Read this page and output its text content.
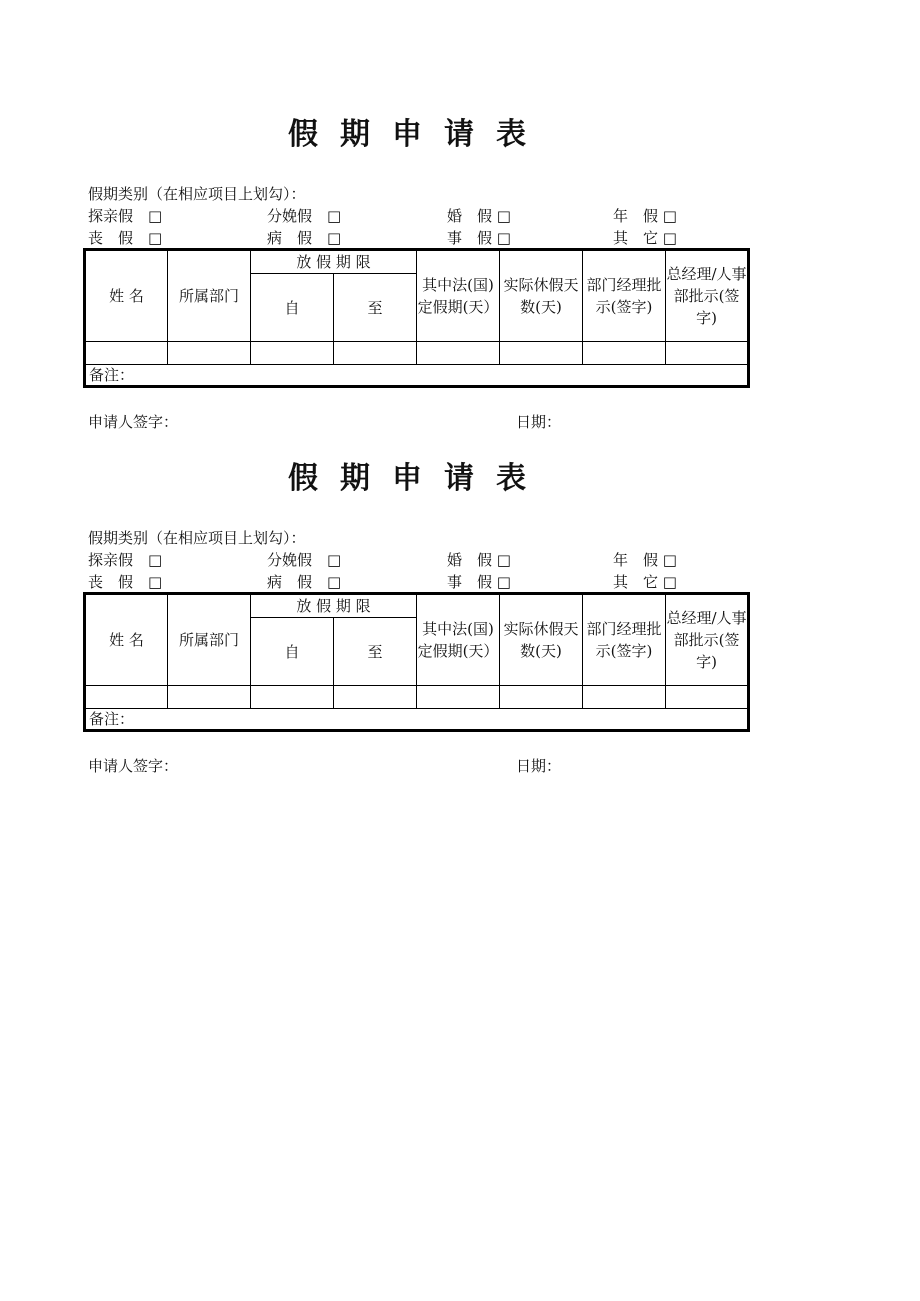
假期申请表
假期类别（在相应项目上划勾）：
探亲假　□	分娩假　□	婚　假 □	年　假 □
丧　假　□	病　假　□	事　假 □	其　它 □
姓 名	所属部门	放 假 期 限		其中法(国)定假期(天）	实际休假天数(天)	部门经理批示(签字)	总经理/人事部批示(签字)
		自	至				

备注：							
申请人签字：	日期：
假期申请表
假期类别（在相应项目上划勾）：
探亲假　□	分娩假　□	婚　假 □	年　假 □
丧　假　□	病　假　□	事　假 □	其　它 □
姓 名	所属部门	放 假 期 限		其中法(国)定假期(天）	实际休假天数(天)	部门经理批示(签字)	总经理/人事部批示(签字)
		自	至				

备注：							
申请人签字：	日期：
